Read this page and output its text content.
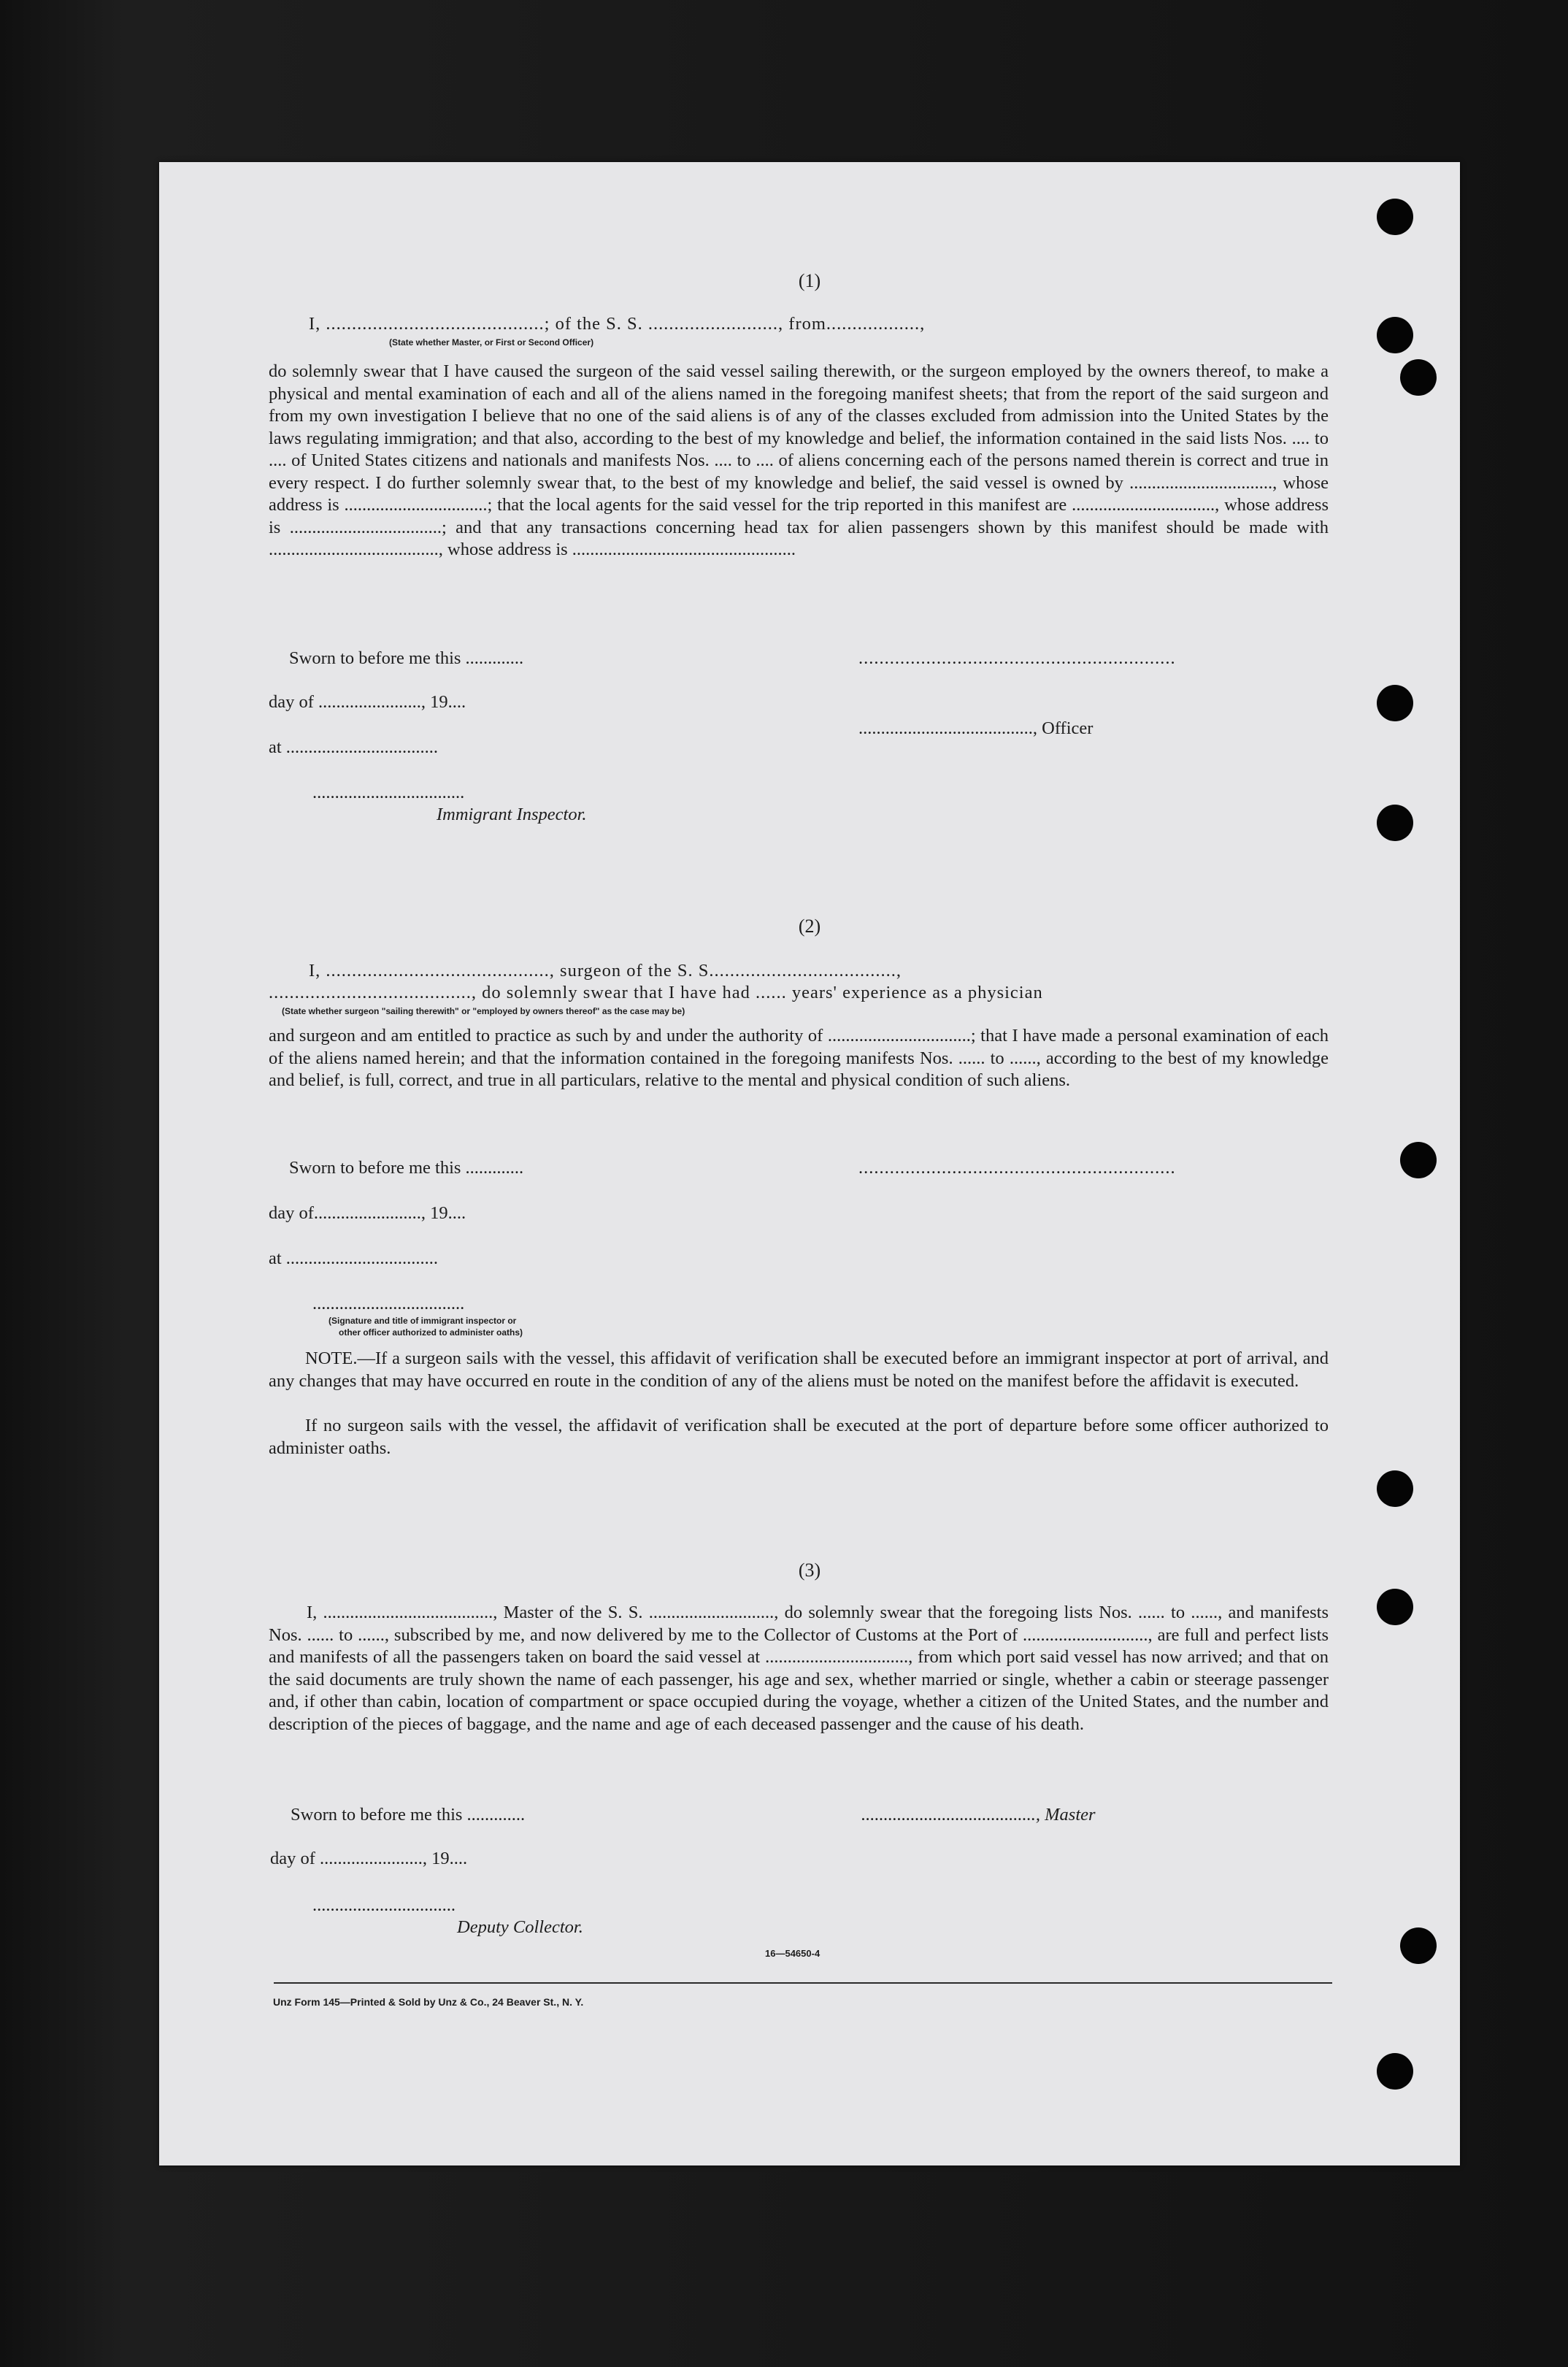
(1)
I, ..........................................; of the S. S. ........................., from..................,
(State whether Master, or First or Second Officer)
do solemnly swear that I have caused the surgeon of the said vessel sailing therewith, or the surgeon employed by the owners thereof, to make a physical and mental examination of each and all of the aliens named in the foregoing manifest sheets; that from the report of the said surgeon and from my own investigation I believe that no one of the said aliens is of any of the classes excluded from admission into the United States by the laws regulating immigration; and that also, according to the best of my knowledge and belief, the information contained in the said lists Nos. .... to .... of United States citizens and nationals and manifests Nos. .... to .... of aliens concerning each of the persons named therein is correct and true in every respect. I do further solemnly swear that, to the best of my knowledge and belief, the said vessel is owned by ................................, whose address is ................................; that the local agents for the said vessel for the trip reported in this manifest are ................................, whose address is ..................................; and that any transactions concerning head tax for alien passengers shown by this manifest should be made with ......................................, whose address is ..................................................
Sworn to before me this .............	.............................................................
day of ......................., 19....
......................................., Officer
at ..................................
..................................
Immigrant Inspector.
(2)
I, ..........................................., surgeon of the S. S....................................,
......................................., do solemnly swear that I have had ...... years' experience as a physician
(State whether surgeon "sailing therewith" or "employed by owners thereof" as the case may be)
and surgeon and am entitled to practice as such by and under the authority of ................................; that I have made a personal examination of each of the aliens named herein; and that the information contained in the foregoing manifests Nos. ...... to ......, according to the best of my knowledge and belief, is full, correct, and true in all particulars, relative to the mental and physical condition of such aliens.
Sworn to before me this .............	.............................................................
day of........................, 19....
at ..................................
..................................
(Signature and title of immigrant inspector or
other officer authorized to administer oaths)
NOTE.—If a surgeon sails with the vessel, this affidavit of verification shall be executed before an immigrant inspector at port of arrival, and any changes that may have occurred en route in the condition of any of the aliens must be noted on the manifest before the affidavit is executed.
If no surgeon sails with the vessel, the affidavit of verification shall be executed at the port of departure before some officer authorized to administer oaths.
(3)
I, ......................................, Master of the S. S. ............................, do solemnly swear that the foregoing lists Nos. ...... to ......, and manifests Nos. ...... to ......, subscribed by me, and now delivered by me to the Collector of Customs at the Port of ............................, are full and perfect lists and manifests of all the passengers taken on board the said vessel at ................................, from which port said vessel has now arrived; and that on the said documents are truly shown the name of each passenger, his age and sex, whether married or single, whether a cabin or steerage passenger and, if other than cabin, location of compartment or space occupied during the voyage, whether a citizen of the United States, and the number and description of the pieces of baggage, and the name and age of each deceased passenger and the cause of his death.
Sworn to before me this .............	......................................., Master
day of ......................., 19....
................................
Deputy Collector.
16—54650-4
Unz Form 145—Printed & Sold by Unz & Co., 24 Beaver St., N. Y.
